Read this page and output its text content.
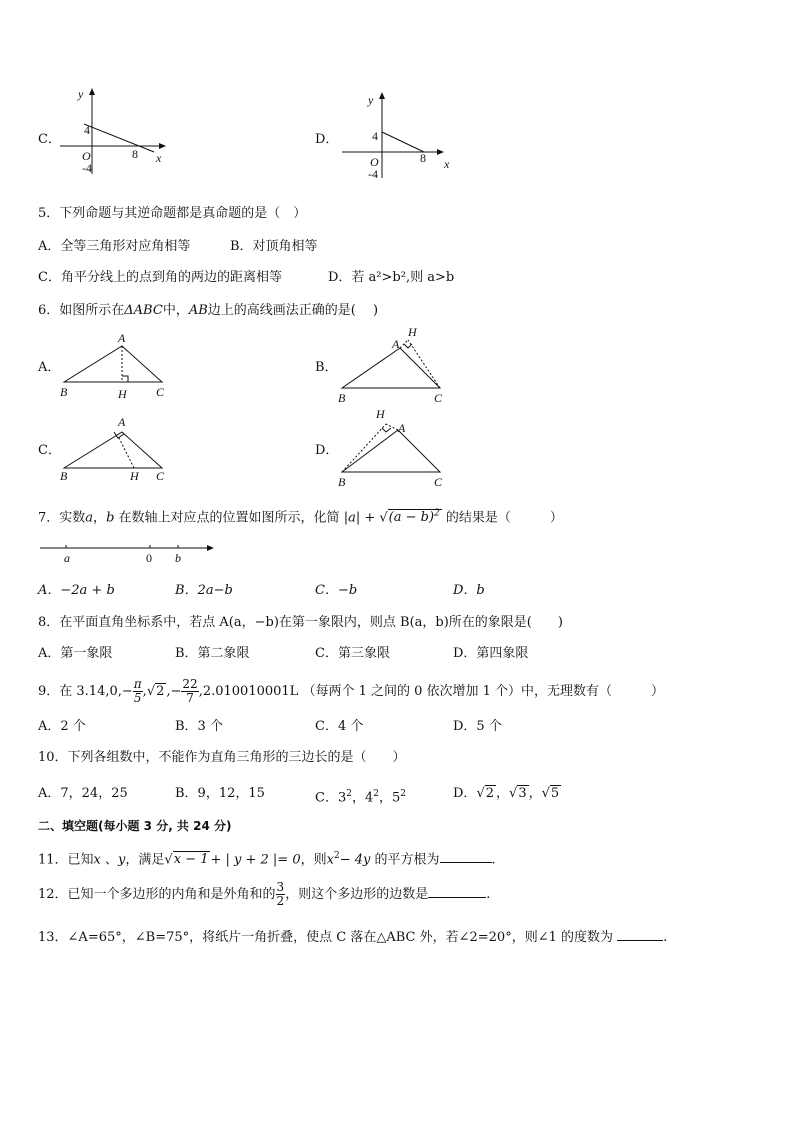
C．
y
x
4
O
-4
8
D．
y
x
4
O
-4
8
5．下列命题与其逆命题都是真命题的是（　）
A．全等三角形对应角相等	B．对顶角相等
C．角平分线上的点到角的两边的距离相等	D．若 a²>b²,则 a>b
6．如图所示在ΔABC中，AB边上的高线画法正确的是(　 )
A．
A
B	H C
B．
A
H
B	C
C．
A
B	H C
D．
A
H
B	C
7．实数a，b 在数轴上对应点的位置如图所示，化简 $|a| + √(a - b)^2$ 的结果是（　　　）
a	0 b
A．−2a + b	B．2a−b	C．−b	D．b
8．在平面直角坐标系中，若点 A(a，−b)在第一象限内，则点 B(a，b)所在的象限是(　　)
A．第一象限	B．第二象限	C．第三象限	D．第四象限
9．在 $3.14,0,- \frac{\pi}{5} ,√2$ ,− $\frac{22}{7} ,2.010010001L$ （每两个 1 之间的 0 依次增加 1 个）中，无理数有（　　　）
A．2 个	B．3 个	C．4 个	D．5 个
10．下列各组数中，不能作为直角三角形的三边长的是（　　）
A．7，24，25	B．9，12，15	C．$3^2$，$4^2$，$5^2$	D．√2 ，√3 ，√5
二、填空题(每小题 3 分, 共 24 分)
11．已知x 、y，满足√x − 1 + | y + 2 |= 0，则$x^2- 4y$ 的平方根为	.
12．已知一个多边形的内角和是外角和的 $\frac{3}{2}$ ，则这个多边形的边数是	.
13．∠A=65°，∠B=75°，将纸片一角折叠，使点 C 落在△ABC 外，若∠2=20°，则∠1 的度数为	.
